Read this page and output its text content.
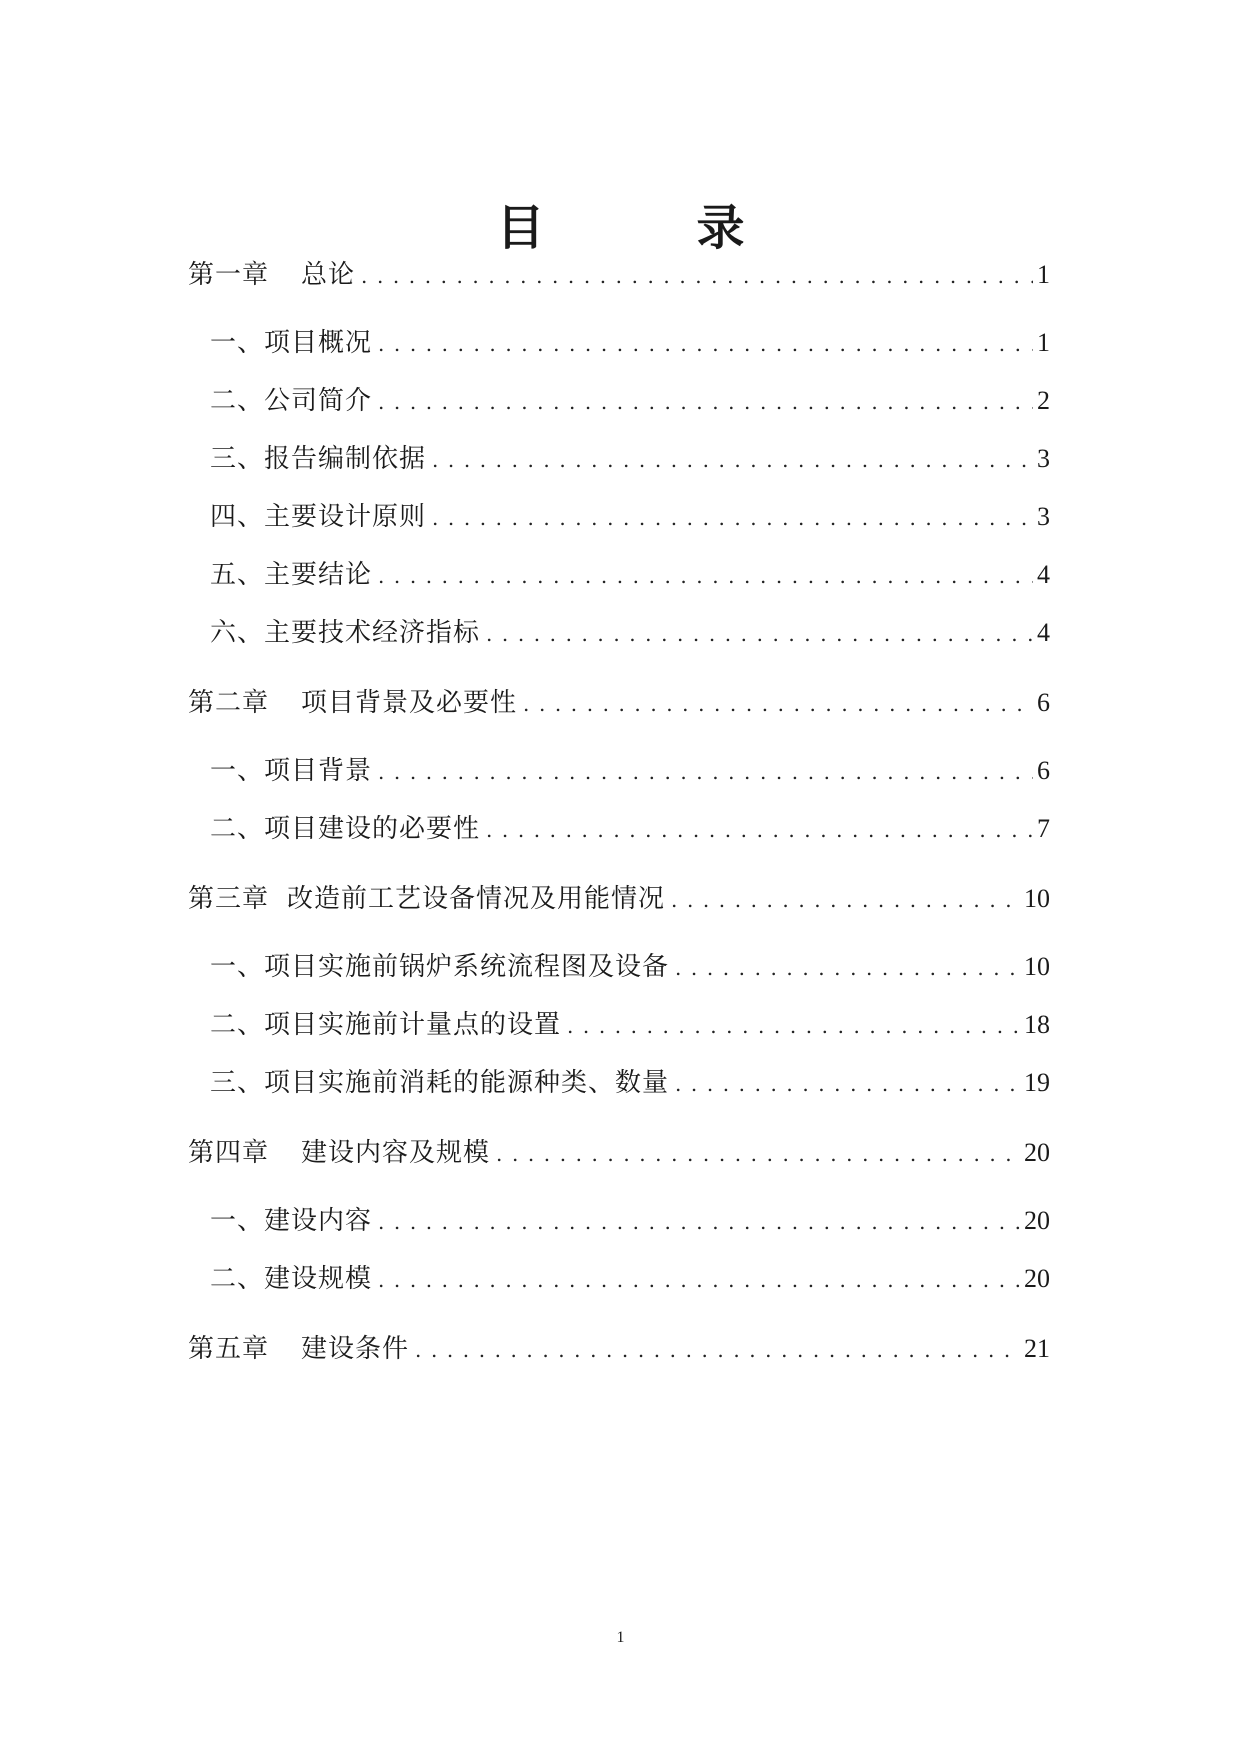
目　录
第一章 总论 . . .	1
一、项目概况 . . .	1
二、公司简介 . . .	2
三、报告编制依据 . . .	3
四、主要设计原则 . . .	3
五、主要结论 . . .	4
六、主要技术经济指标 . . .	4
第二章 项目背景及必要性 . . .	6
一、项目背景 . . .	6
二、项目建设的必要性 . . .	7
第三章 改造前工艺设备情况及用能情况 . . .	10
一、项目实施前锅炉系统流程图及设备 . . .	10
二、项目实施前计量点的设置 . . .	18
三、项目实施前消耗的能源种类、数量 . . .	19
第四章 建设内容及规模 . . .	20
一、建设内容 . . .	20
二、建设规模 . . .	20
第五章 建设条件 . . .	21
1
